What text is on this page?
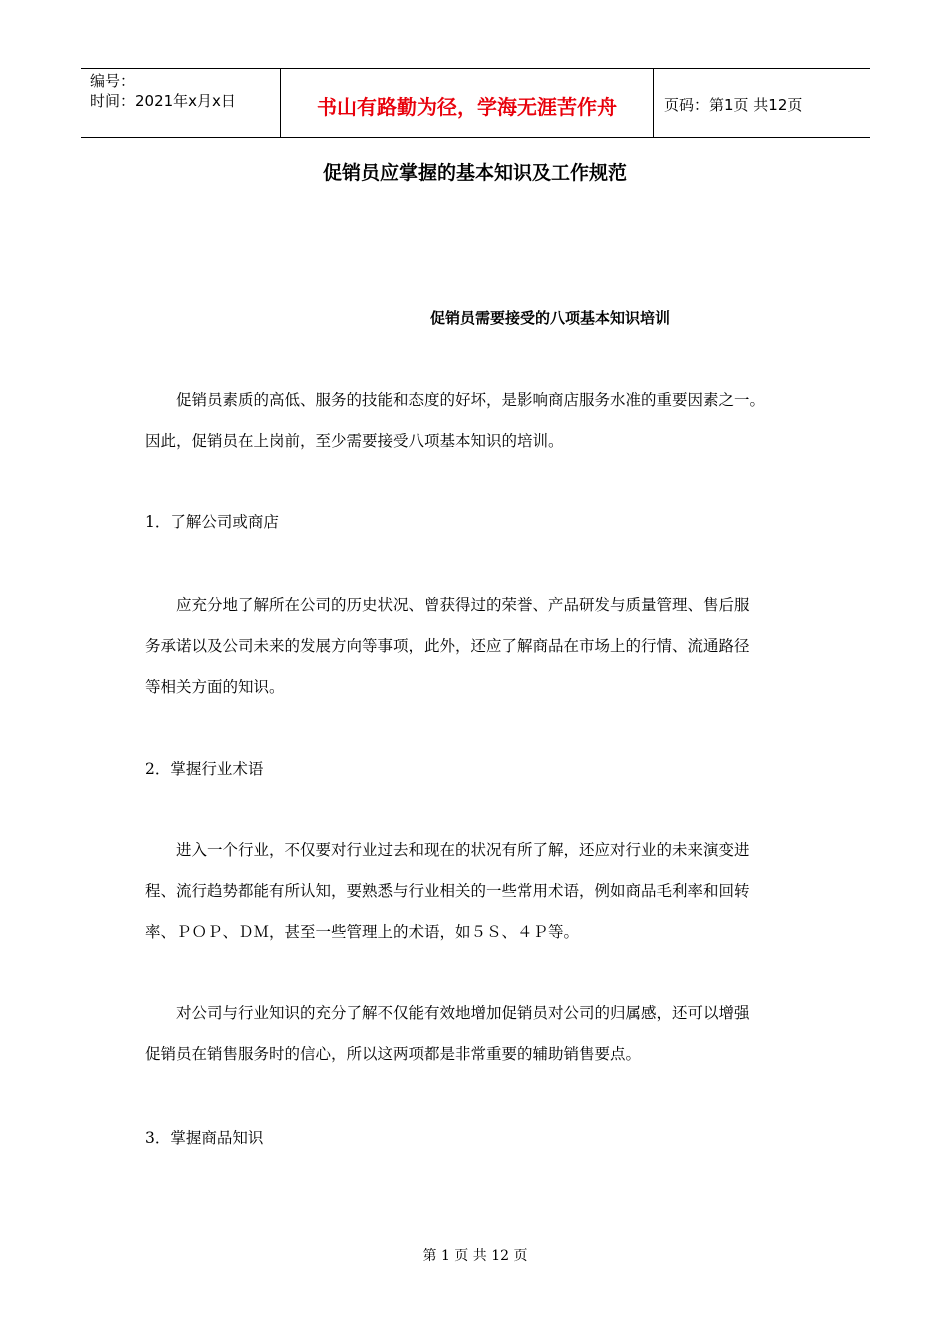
编号：
时间：2021年x月x日	书山有路勤为径，学海无涯苦作舟	页码：第1页 共12页
促销员应掌握的基本知识及工作规范
促销员需要接受的八项基本知识培训

　　促销员素质的高低、服务的技能和态度的好坏，是影响商店服务水准的重要因素之一。
因此，促销员在上岗前，至少需要接受八项基本知识的培训。

1．了解公司或商店

　　应充分地了解所在公司的历史状况、曾获得过的荣誉、产品研发与质量管理、售后服
务承诺以及公司未来的发展方向等事项，此外，还应了解商品在市场上的行情、流通路径
等相关方面的知识。

2．掌握行业术语

　　进入一个行业，不仅要对行业过去和现在的状况有所了解，还应对行业的未来演变进
程、流行趋势都能有所认知，要熟悉与行业相关的一些常用术语，例如商品毛利率和回转
率、ＰＯＰ、ＤＭ，甚至一些管理上的术语，如５Ｓ、４Ｐ等。

　　对公司与行业知识的充分了解不仅能有效地增加促销员对公司的归属感，还可以增强
促销员在销售服务时的信心，所以这两项都是非常重要的辅助销售要点。

3．掌握商品知识

第 1 页 共 12 页
